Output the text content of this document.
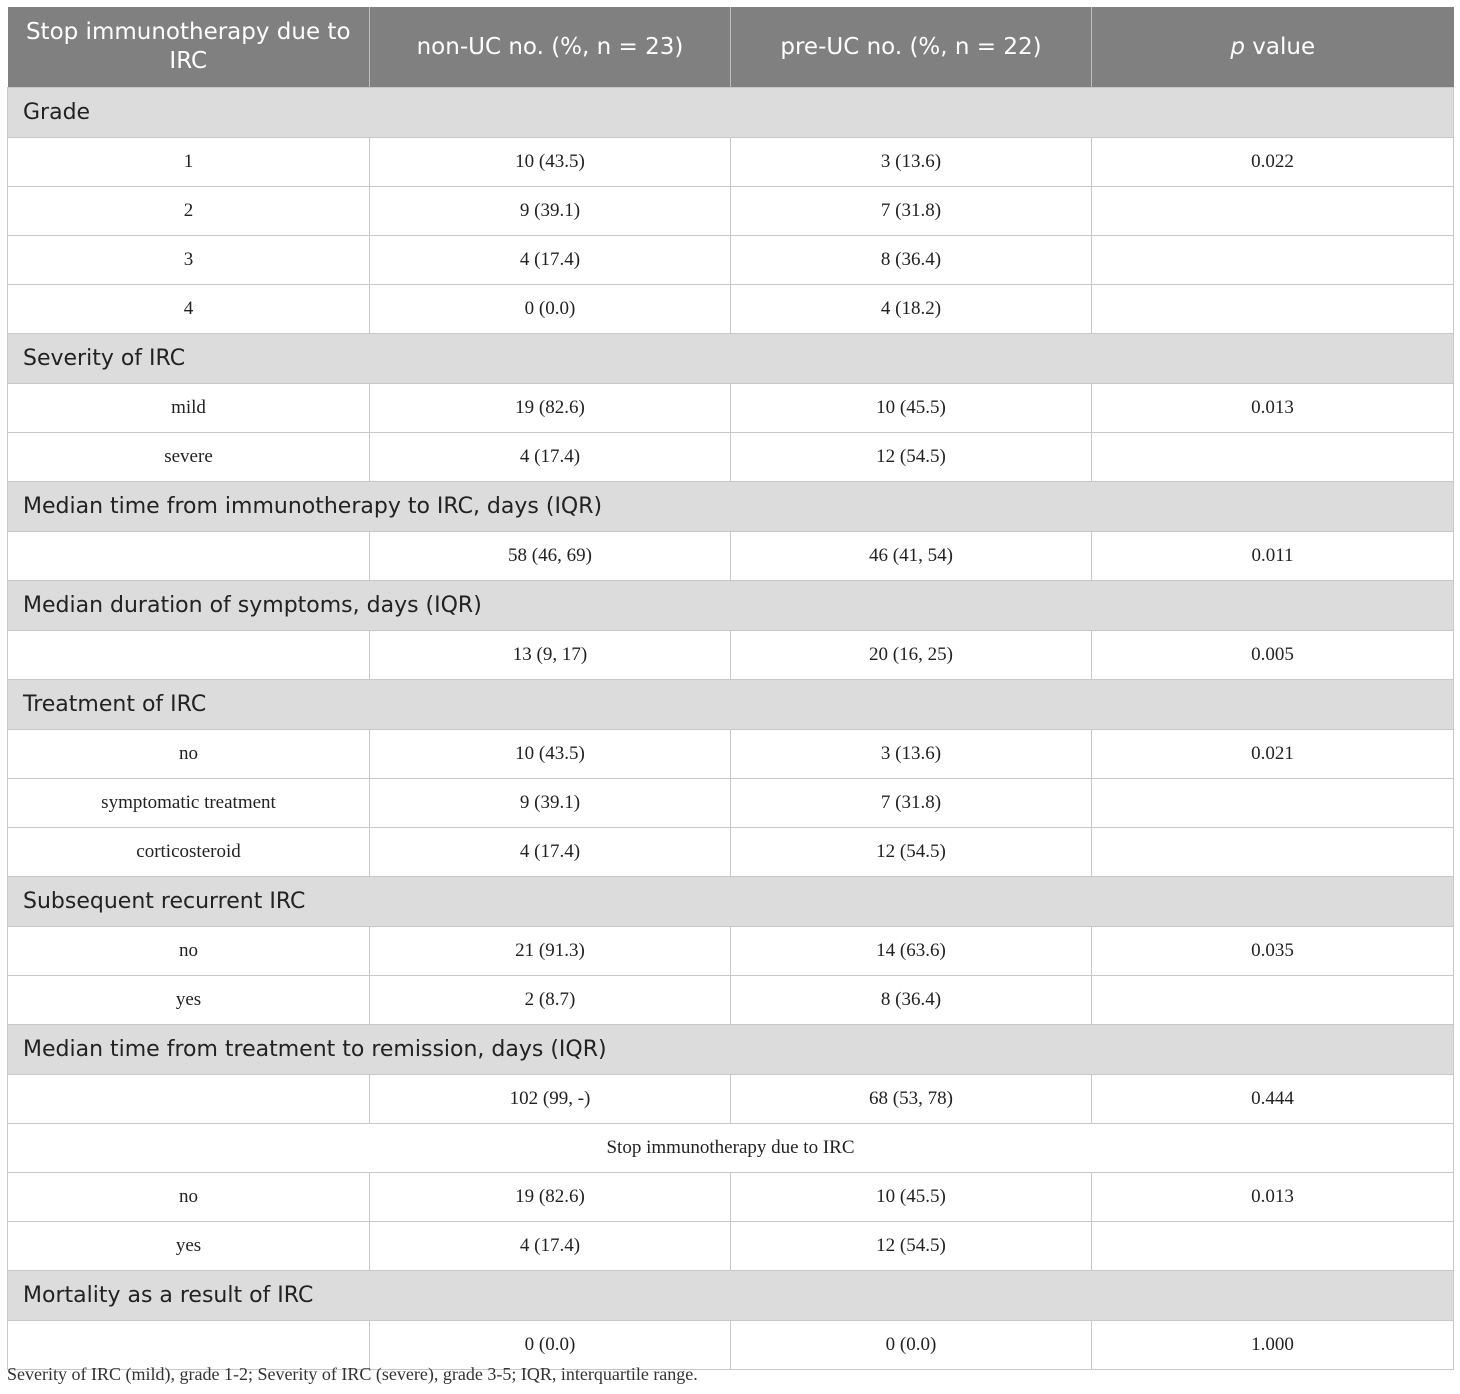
Stop immunotherapy due to IRC	non-UC no. (%, n = 23)	pre-UC no. (%, n = 22)	p value
Grade			
1	10 (43.5)	3 (13.6)	0.022
2	9 (39.1)	7 (31.8)	
3	4 (17.4)	8 (36.4)	
4	0 (0.0)	4 (18.2)	
Severity of IRC			
mild	19 (82.6)	10 (45.5)	0.013
severe	4 (17.4)	12 (54.5)	
Median time from immunotherapy to IRC, days (IQR)			
	58 (46, 69)	46 (41, 54)	0.011
Median duration of symptoms, days (IQR)			
	13 (9, 17)	20 (16, 25)	0.005
Treatment of IRC			
no	10 (43.5)	3 (13.6)	0.021
symptomatic treatment	9 (39.1)	7 (31.8)	
corticosteroid	4 (17.4)	12 (54.5)	
Subsequent recurrent IRC			
no	21 (91.3)	14 (63.6)	0.035
yes	2 (8.7)	8 (36.4)	
Median time from treatment to remission, days (IQR)			
	102 (99, -)	68 (53, 78)	0.444
Stop immunotherapy due to IRC			
no	19 (82.6)	10 (45.5)	0.013
yes	4 (17.4)	12 (54.5)	
Mortality as a result of IRC			
	0 (0.0)	0 (0.0)	1.000
Severity of IRC (mild), grade 1-2; Severity of IRC (severe), grade 3-5; IQR, interquartile range.
